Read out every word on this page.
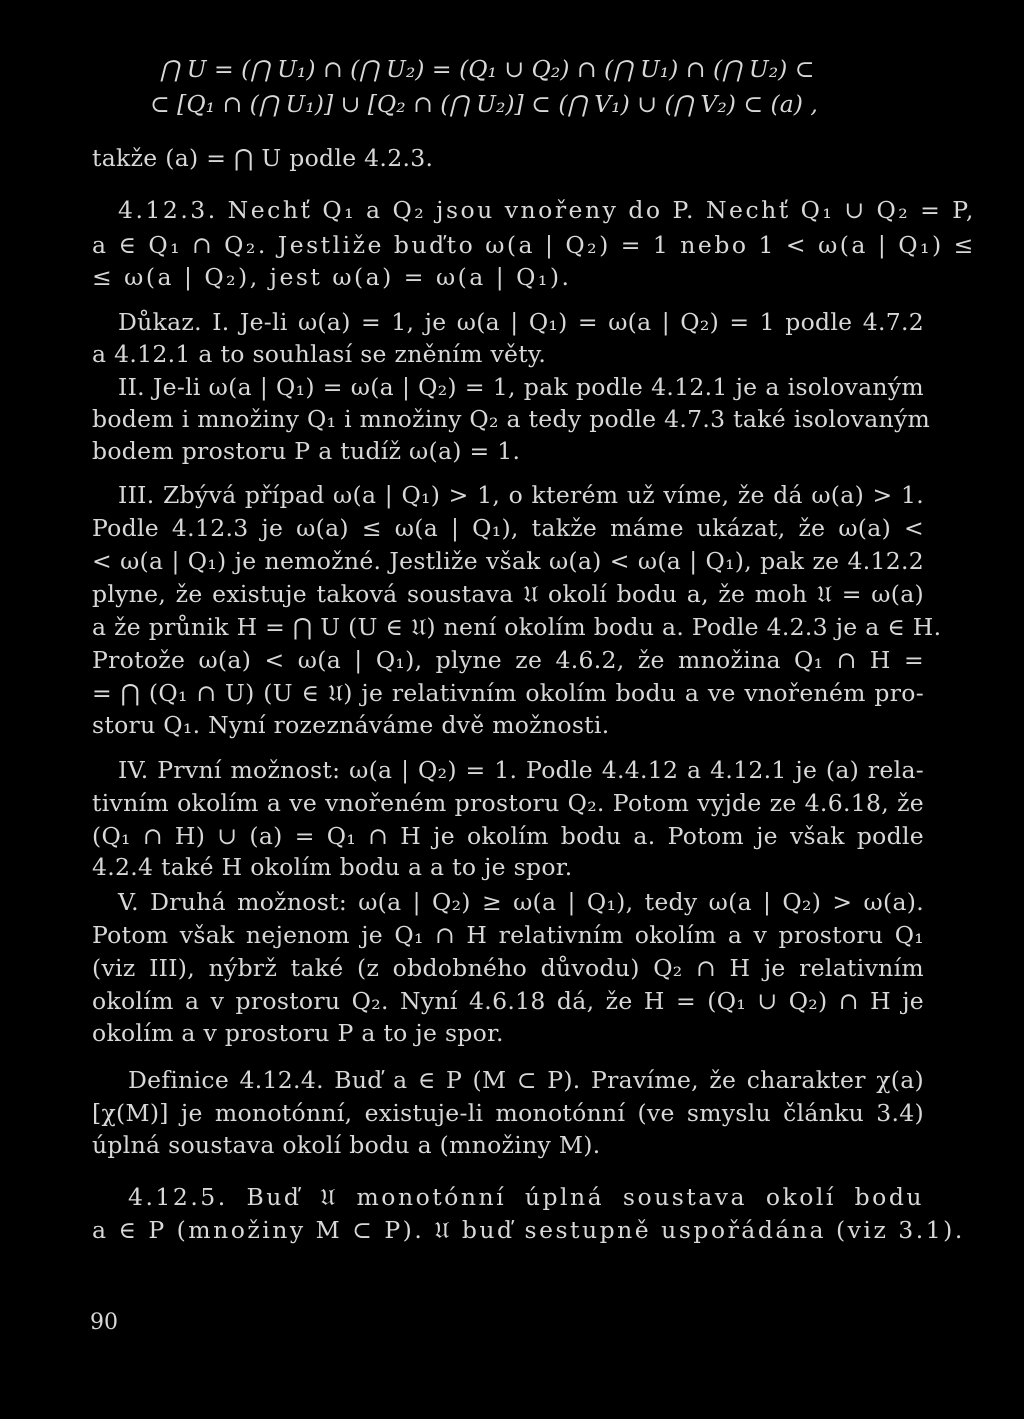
⋂ U = (⋂ U₁) ∩ (⋂ U₂) = (Q₁ ∪ Q₂) ∩ (⋂ U₁) ∩ (⋂ U₂) ⊂
⊂ [Q₁ ∩ (⋂ U₁)] ∪ [Q₂ ∩ (⋂ U₂)] ⊂ (⋂ V₁) ∪ (⋂ V₂) ⊂ (a) ,
takže (a) = ⋂ U podle 4.2.3.
4.12.3. Nechť Q₁ a Q₂ jsou vnořeny do P. Nechť Q₁ ∪ Q₂ = P,
a ∈ Q₁ ∩ Q₂. Jestliže buďto ω(a | Q₂) = 1 nebo 1 < ω(a | Q₁) ≤
≤ ω(a | Q₂), jest ω(a) = ω(a | Q₁).
Důkaz. I. Je-li ω(a) = 1, je ω(a | Q₁) = ω(a | Q₂) = 1 podle 4.7.2
a 4.12.1 a to souhlasí se zněním věty.
II. Je-li ω(a | Q₁) = ω(a | Q₂) = 1, pak podle 4.12.1 je a isolovaným
bodem i množiny Q₁ i množiny Q₂ a tedy podle 4.7.3 také isolovaným
bodem prostoru P a tudíž ω(a) = 1.
III. Zbývá případ ω(a | Q₁) > 1, o kterém už víme, že dá ω(a) > 1.
Podle 4.12.3 je ω(a) ≤ ω(a | Q₁), takže máme ukázat, že ω(a) <
< ω(a | Q₁) je nemožné. Jestliže však ω(a) < ω(a | Q₁), pak ze 4.12.2
plyne, že existuje taková soustava 𝔘 okolí bodu a, že moh 𝔘 = ω(a)
a že průnik H = ⋂ U (U ∈ 𝔘) není okolím bodu a. Podle 4.2.3 je a ∈ H.
Protože ω(a) < ω(a | Q₁), plyne ze 4.6.2, že množina Q₁ ∩ H =
= ⋂ (Q₁ ∩ U) (U ∈ 𝔘) je relativním okolím bodu a ve vnořeném pro-
storu Q₁. Nyní rozeznáváme dvě možnosti.
IV. První možnost: ω(a | Q₂) = 1. Podle 4.4.12 a 4.12.1 je (a) rela-
tivním okolím a ve vnořeném prostoru Q₂. Potom vyjde ze 4.6.18, že
(Q₁ ∩ H) ∪ (a) = Q₁ ∩ H je okolím bodu a. Potom je však podle
4.2.4 také H okolím bodu a a to je spor.
V. Druhá možnost: ω(a | Q₂) ≥ ω(a | Q₁), tedy ω(a | Q₂) > ω(a).
Potom však nejenom je Q₁ ∩ H relativním okolím a v prostoru Q₁
(viz III), nýbrž také (z obdobného důvodu) Q₂ ∩ H je relativním
okolím a v prostoru Q₂. Nyní 4.6.18 dá, že H = (Q₁ ∪ Q₂) ∩ H je
okolím a v prostoru P a to je spor.
Definice 4.12.4. Buď a ∈ P (M ⊂ P). Pravíme, že charakter χ(a)
[χ(M)] je monotónní, existuje-li monotónní (ve smyslu článku 3.4)
úplná soustava okolí bodu a (množiny M).
4.12.5. Buď 𝔘 monotónní úplná soustava okolí bodu
a ∈ P (množiny M ⊂ P). 𝔘 buď sestupně uspořádána (viz 3.1).
90
